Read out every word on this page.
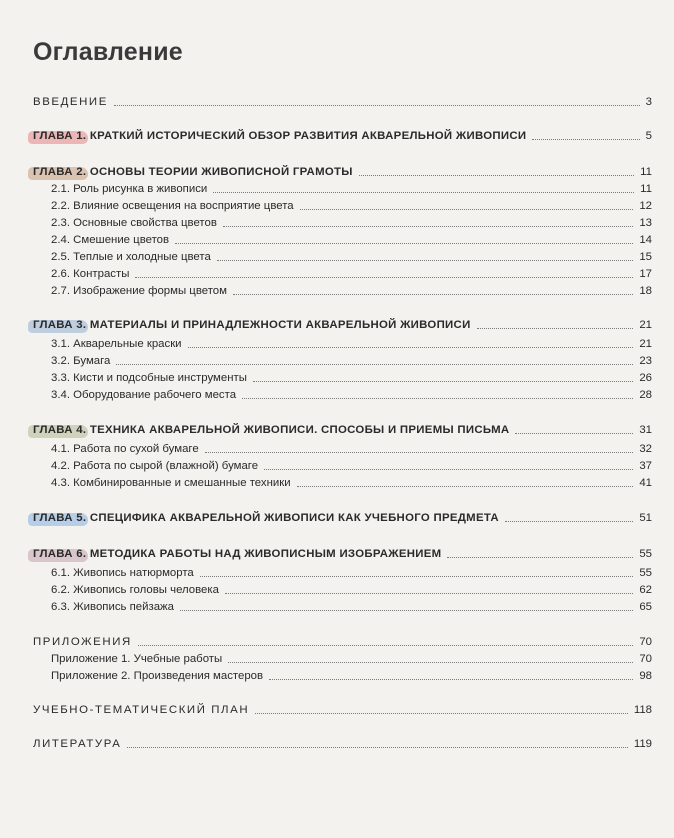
Оглавление
ВВЕДЕНИЕ	3
ГЛАВА 1. КРАТКИЙ ИСТОРИЧЕСКИЙ ОБЗОР РАЗВИТИЯ АКВАРЕЛЬНОЙ ЖИВОПИСИ	5
ГЛАВА 2. ОСНОВЫ ТЕОРИИ ЖИВОПИСНОЙ ГРАМОТЫ	11
2.1. Роль рисунка в живописи	11
2.2. Влияние освещения на восприятие цвета	12
2.3. Основные свойства цветов	13
2.4. Смешение цветов	14
2.5. Теплые и холодные цвета	15
2.6. Контрасты	17
2.7. Изображение формы цветом	18
ГЛАВА 3. МАТЕРИАЛЫ И ПРИНАДЛЕЖНОСТИ АКВАРЕЛЬНОЙ ЖИВОПИСИ	21
3.1. Акварельные краски	21
3.2. Бумага	23
3.3. Кисти и подсобные инструменты	26
3.4. Оборудование рабочего места	28
ГЛАВА 4. ТЕХНИКА АКВАРЕЛЬНОЙ ЖИВОПИСИ. СПОСОБЫ И ПРИЕМЫ ПИСЬМА	31
4.1. Работа по сухой бумаге	32
4.2. Работа по сырой (влажной) бумаге	37
4.3. Комбинированные и смешанные техники	41
ГЛАВА 5. СПЕЦИФИКА АКВАРЕЛЬНОЙ ЖИВОПИСИ КАК УЧЕБНОГО ПРЕДМЕТА	51
ГЛАВА 6. МЕТОДИКА РАБОТЫ НАД ЖИВОПИСНЫМ ИЗОБРАЖЕНИЕМ	55
6.1. Живопись натюрморта	55
6.2. Живопись головы человека	62
6.3. Живопись пейзажа	65
ПРИЛОЖЕНИЯ	70
Приложение 1. Учебные работы	70
Приложение 2. Произведения мастеров	98
УЧЕБНО-ТЕМАТИЧЕСКИЙ ПЛАН	118
ЛИТЕРАТУРА	119
